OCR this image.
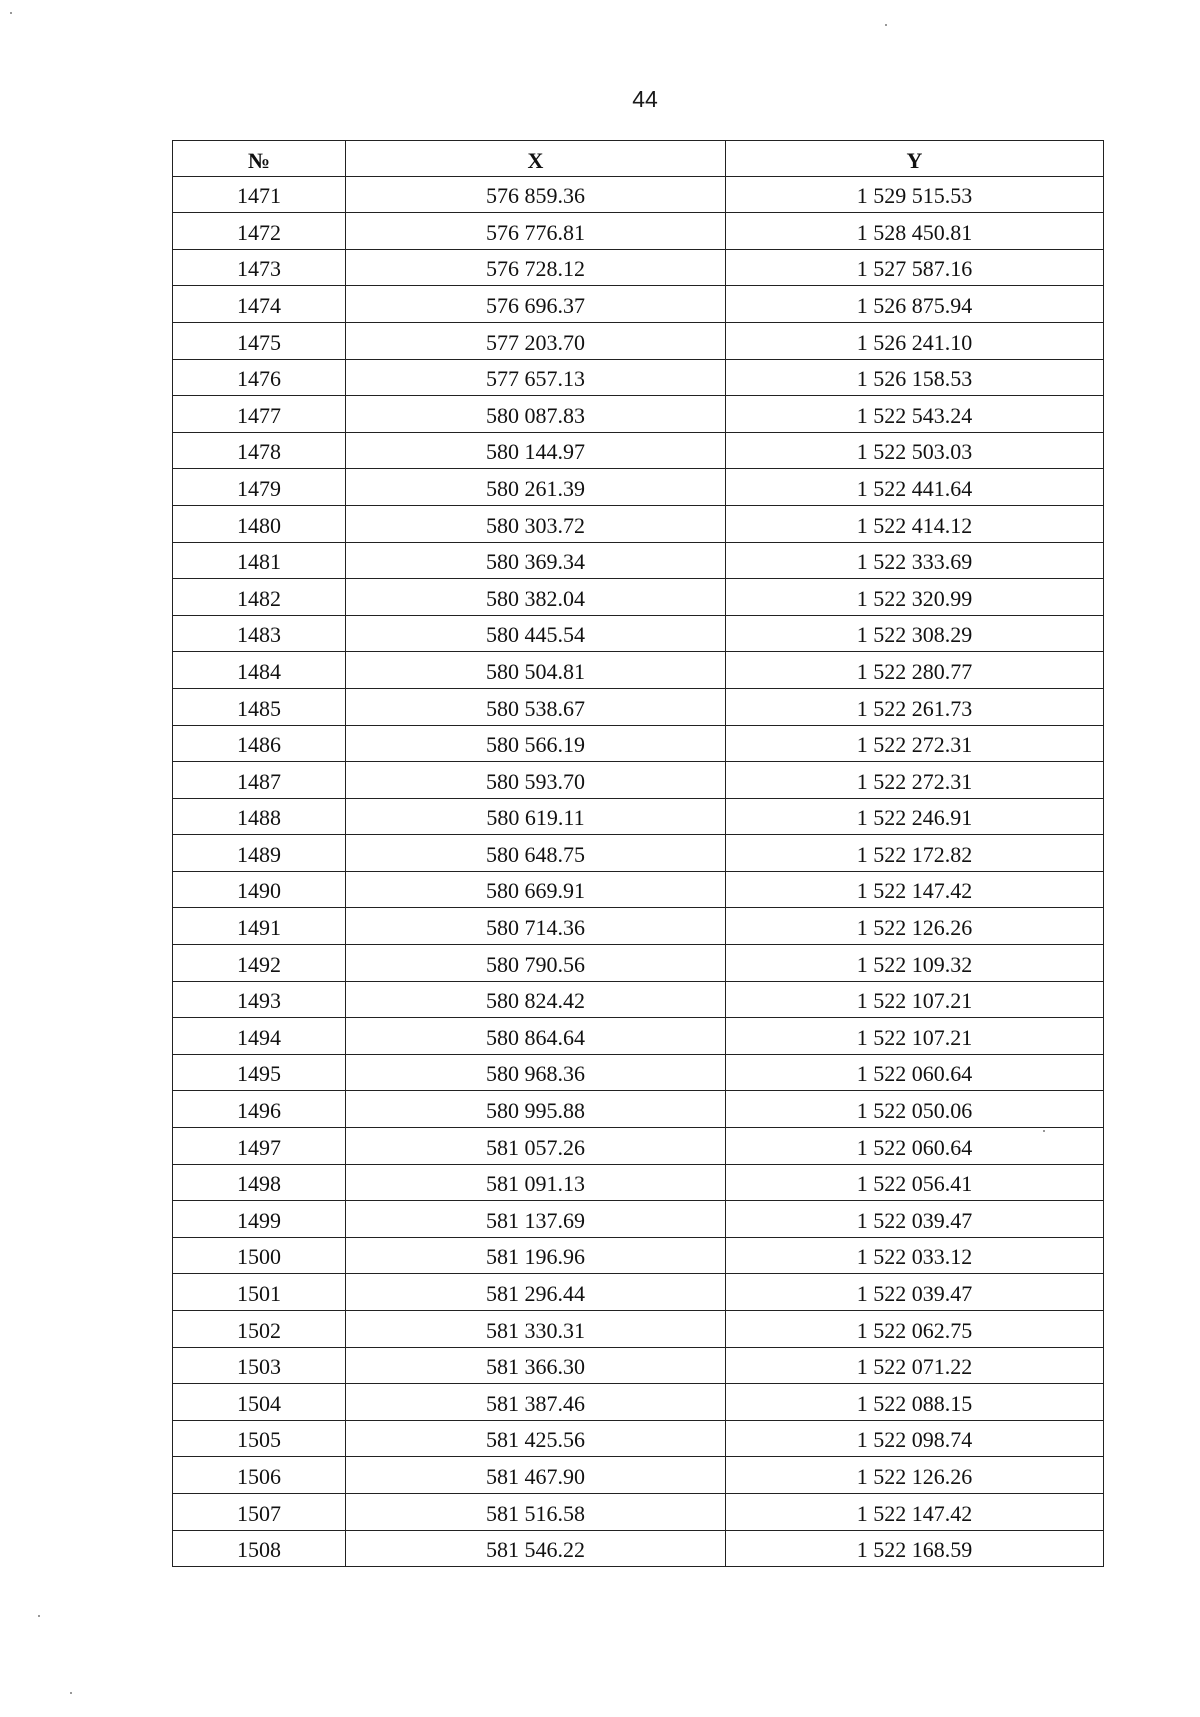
44
№	X	Y
1471	576 859.36	1 529 515.53
1472	576 776.81	1 528 450.81
1473	576 728.12	1 527 587.16
1474	576 696.37	1 526 875.94
1475	577 203.70	1 526 241.10
1476	577 657.13	1 526 158.53
1477	580 087.83	1 522 543.24
1478	580 144.97	1 522 503.03
1479	580 261.39	1 522 441.64
1480	580 303.72	1 522 414.12
1481	580 369.34	1 522 333.69
1482	580 382.04	1 522 320.99
1483	580 445.54	1 522 308.29
1484	580 504.81	1 522 280.77
1485	580 538.67	1 522 261.73
1486	580 566.19	1 522 272.31
1487	580 593.70	1 522 272.31
1488	580 619.11	1 522 246.91
1489	580 648.75	1 522 172.82
1490	580 669.91	1 522 147.42
1491	580 714.36	1 522 126.26
1492	580 790.56	1 522 109.32
1493	580 824.42	1 522 107.21
1494	580 864.64	1 522 107.21
1495	580 968.36	1 522 060.64
1496	580 995.88	1 522 050.06
1497	581 057.26	1 522 060.64
1498	581 091.13	1 522 056.41
1499	581 137.69	1 522 039.47
1500	581 196.96	1 522 033.12
1501	581 296.44	1 522 039.47
1502	581 330.31	1 522 062.75
1503	581 366.30	1 522 071.22
1504	581 387.46	1 522 088.15
1505	581 425.56	1 522 098.74
1506	581 467.90	1 522 126.26
1507	581 516.58	1 522 147.42
1508	581 546.22	1 522 168.59
